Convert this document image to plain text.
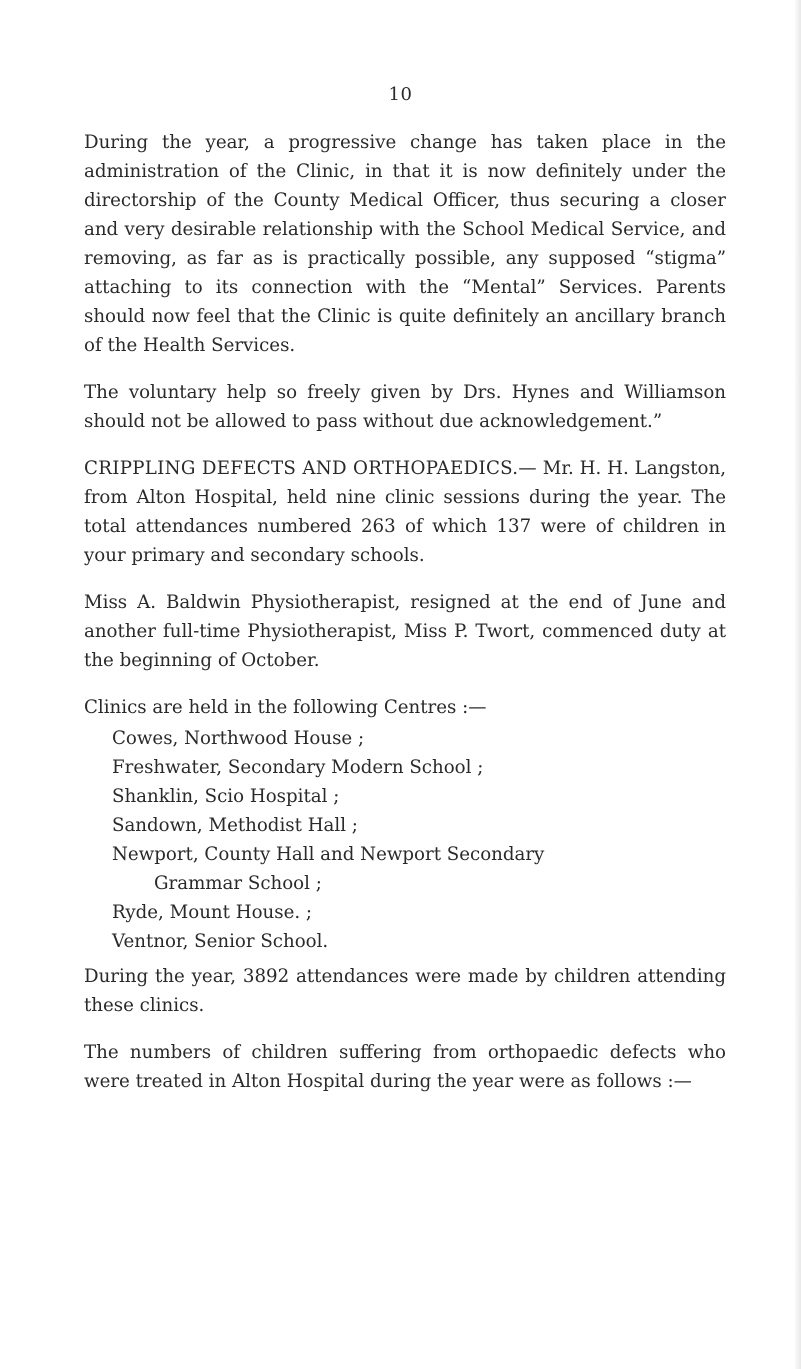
10

During the year, a progressive change has taken place in the administration of the Clinic, in that it is now definitely under the directorship of the County Medical Officer, thus securing a closer and very desirable relationship with the School Medical Service, and removing, as far as is practically possible, any supposed “stigma” attaching to its connection with the “Mental” Services. Parents should now feel that the Clinic is quite definitely an ancillary branch of the Health Services.

The voluntary help so freely given by Drs. Hynes and Williamson should not be allowed to pass without due acknowledgement.”

CRIPPLING DEFECTS AND ORTHOPAEDICS.— Mr. H. H. Langston, from Alton Hospital, held nine clinic sessions during the year. The total attendances numbered 263 of which 137 were of children in your primary and secondary schools.

Miss A. Baldwin Physiotherapist, resigned at the end of June and another full-time Physiotherapist, Miss P. Twort, commenced duty at the beginning of October.

Clinics are held in the following Centres :—

Cowes, Northwood House ;
Freshwater, Secondary Modern School ;
Shanklin, Scio Hospital ;
Sandown, Methodist Hall ;
Newport, County Hall and Newport Secondary
Grammar School ;
Ryde, Mount House. ;
Ventnor, Senior School.

During the year, 3892 attendances were made by children attending these clinics.

The numbers of children suffering from orthopaedic defects who were treated in Alton Hospital during the year were as follows :—
